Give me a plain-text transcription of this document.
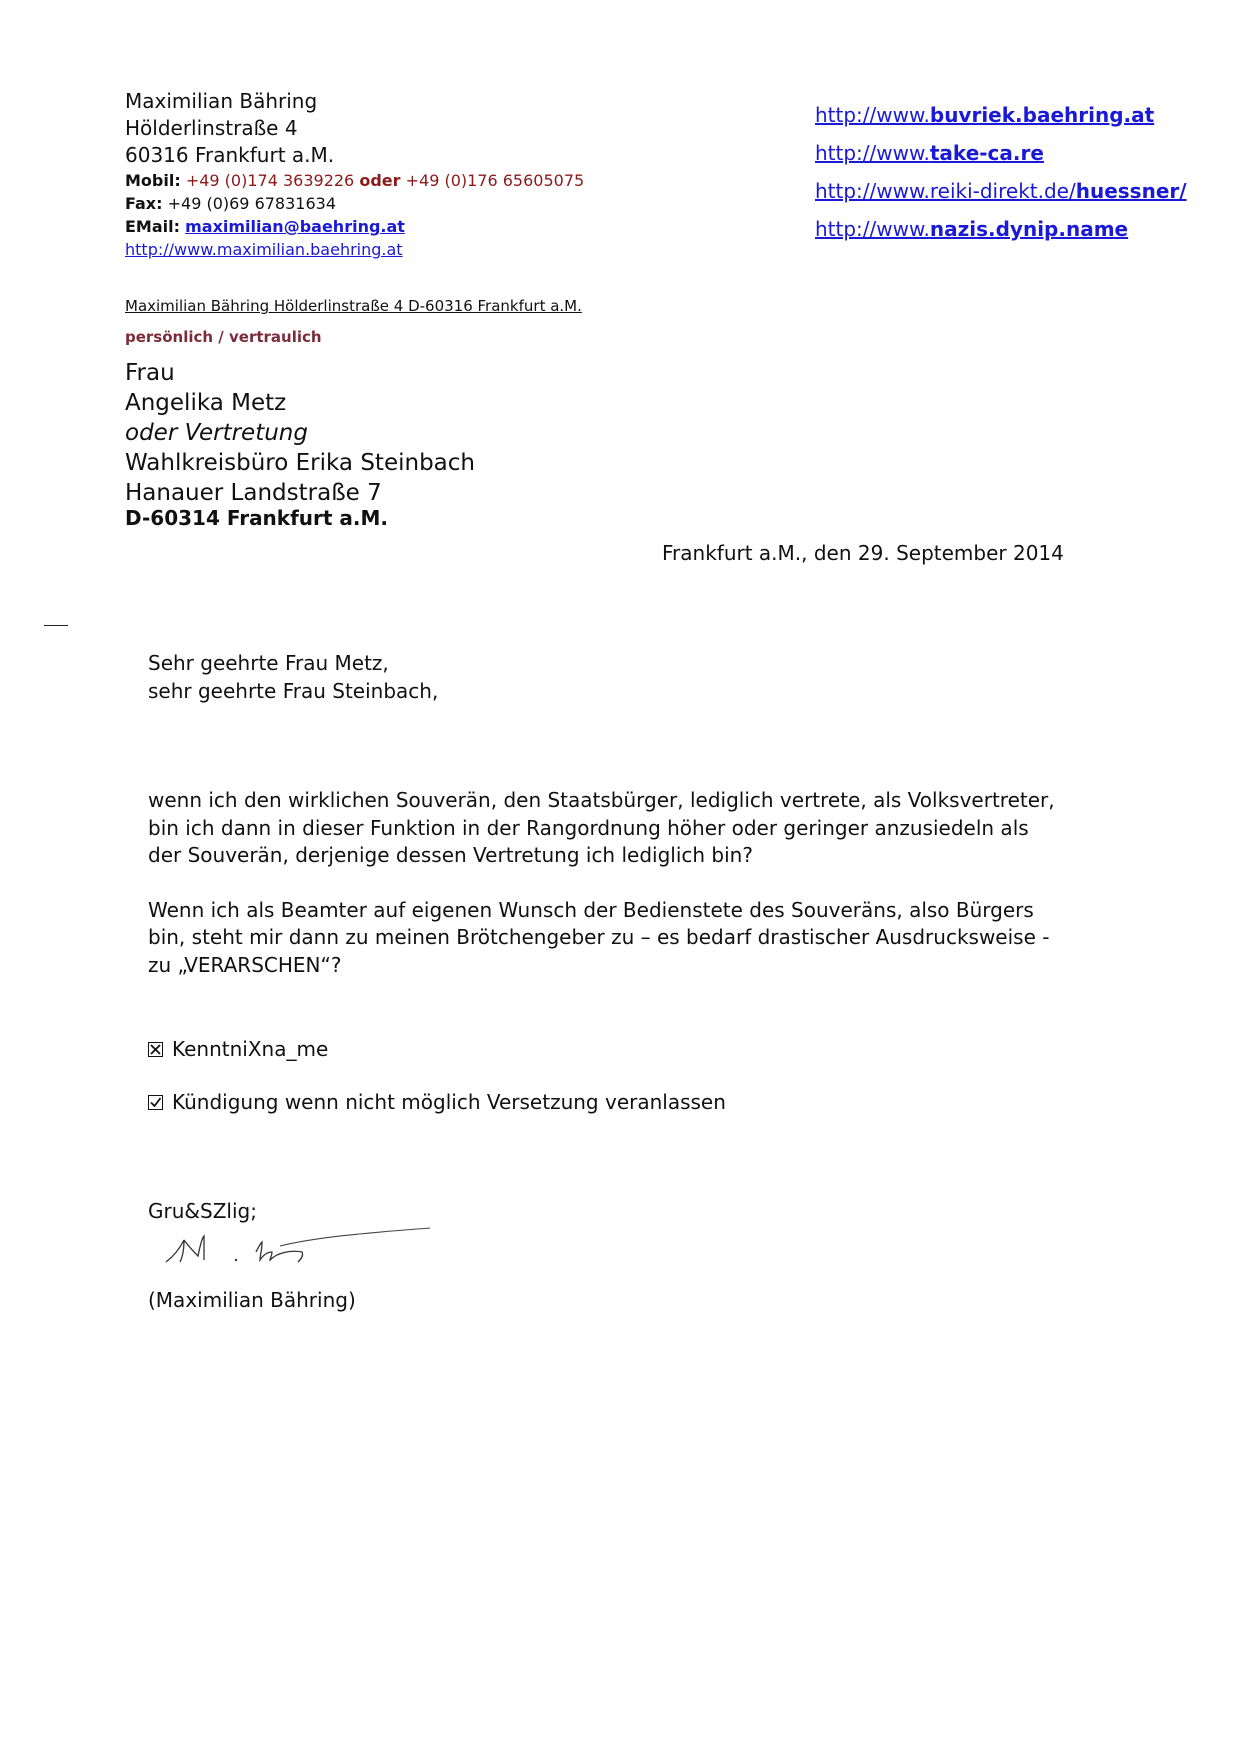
Maximilian Bähring
Hölderlinstraße 4
60316 Frankfurt a.M.
Mobil: +49 (0)174 3639226 oder +49 (0)176 65605075
Fax: +49 (0)69 67831634
EMail: maximilian@baehring.at
http://www.maximilian.baehring.at
http://www.buvriek.baehring.at
http://www.take-ca.re
http://www.reiki-direkt.de/huessner/
http://www.nazis.dynip.name
Maximilian Bähring Hölderlinstraße 4 D-60316 Frankfurt a.M.
persönlich / vertraulich
Frau
Angelika Metz
oder Vertretung
Wahlkreisbüro Erika Steinbach
Hanauer Landstraße 7
D-60314 Frankfurt a.M.
Frankfurt a.M., den 29. September 2014
Sehr geehrte Frau Metz,
sehr geehrte Frau Steinbach,
wenn ich den wirklichen Souverän, den Staatsbürger, lediglich vertrete, als Volksvertreter,
bin ich dann in dieser Funktion in der Rangordnung höher oder geringer anzusiedeln als
der Souverän, derjenige dessen Vertretung ich lediglich bin?
Wenn ich als Beamter auf eigenen Wunsch der Bedienstete des Souveräns, also Bürgers
bin, steht mir dann zu meinen Brötchengeber zu – es bedarf drastischer Ausdrucksweise -
zu „VERARSCHEN“?
KenntniXna_me
Kündigung wenn nicht möglich Versetzung veranlassen
Gru&SZlig;
(Maximilian Bähring)
